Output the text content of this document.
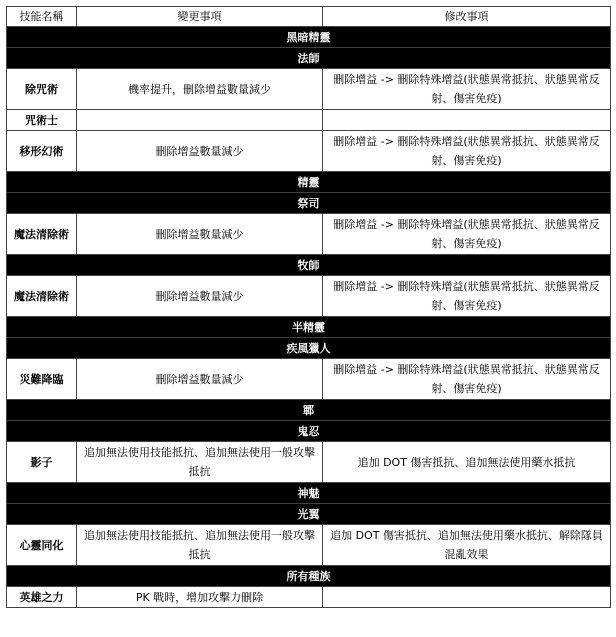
技能名稱	變更事項	修改事項
黑暗精靈		
法師		
除咒術	機率提升，刪除增益數量減少	刪除增益 -> 刪除特殊增益(狀態異常抵抗、狀態異常反射、傷害免疫)
咒術士		
移形幻術	刪除增益數量減少	刪除增益 -> 刪除特殊增益(狀態異常抵抗、狀態異常反射、傷害免疫)
精靈		
祭司		
魔法清除術	刪除增益數量減少	刪除增益 -> 刪除特殊增益(狀態異常抵抗、狀態異常反射、傷害免疫)
牧師		
魔法清除術	刪除增益數量減少	刪除增益 -> 刪除特殊增益(狀態異常抵抗、狀態異常反射、傷害免疫)
半精靈		
疾風獵人		
災難降臨	刪除增益數量減少	刪除增益 -> 刪除特殊增益(狀態異常抵抗、狀態異常反射、傷害免疫)
鄆		
鬼忍		
影子	追加無法使用技能抵抗、追加無法使用一般攻擊抵抗	追加 DOT 傷害抵抗、追加無法使用藥水抵抗
神魅		
光翼		
心靈同化	追加無法使用技能抵抗、追加無法使用一般攻擊抵抗	追加 DOT 傷害抵抗、追加無法使用藥水抵抗、解除隊員混亂效果
所有種族		
英雄之力	PK 戰時，增加攻擊力刪除	
